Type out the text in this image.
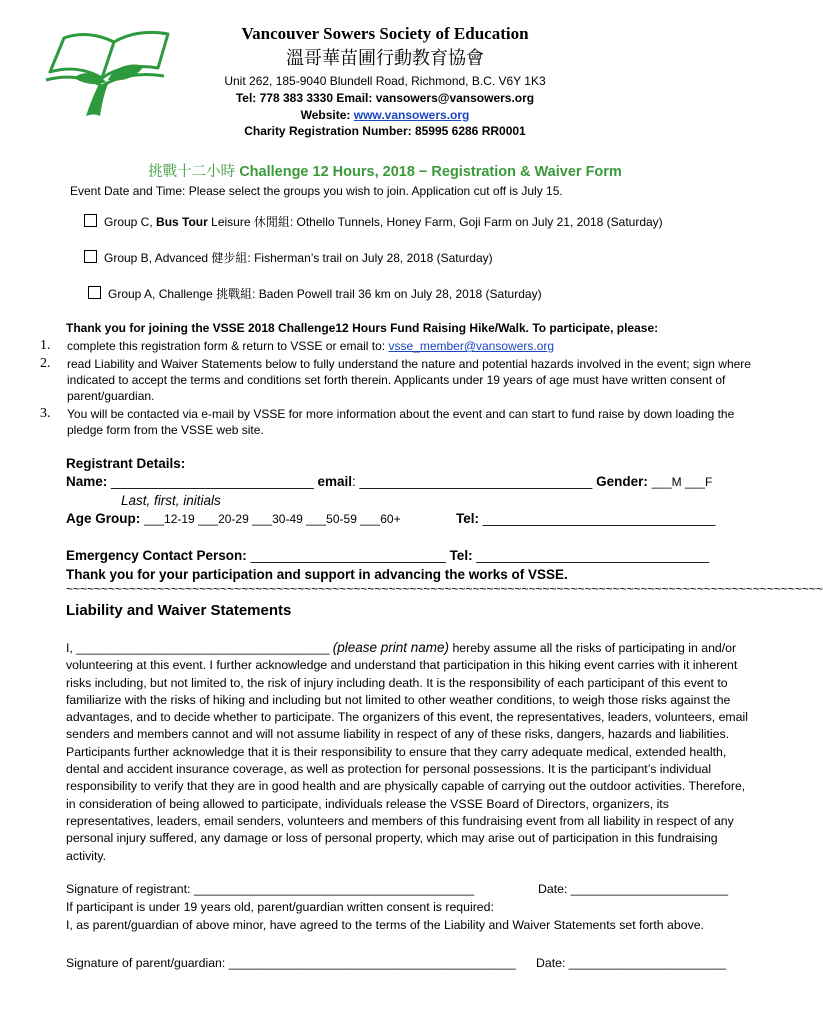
Vancouver Sowers Society of Education
溫哥華苗圃行動教育協會
Unit 262, 185-9040 Blundell Road, Richmond, B.C. V6Y 1K3
Tel: 778 383 3330 Email: vansowers@vansowers.org
Website: www.vansowers.org
Charity Registration Number: 85995 6286 RR0001
挑戰十二小時 Challenge 12 Hours, 2018 − Registration & Waiver Form
Event Date and Time: Please select the groups you wish to join. Application cut off is July 15.
Group C, Bus Tour Leisure 休閒組: Othello Tunnels, Honey Farm, Goji Farm on July 21, 2018 (Saturday)
Group B, Advanced 健步組: Fisherman’s trail on July 28, 2018 (Saturday)
Group A, Challenge 挑戰組: Baden Powell trail 36 km on July 28, 2018 (Saturday)
Thank you for joining the VSSE 2018 Challenge12 Hours Fund Raising Hike/Walk. To participate, please:
1.	complete this registration form & return to VSSE or email to: vsse_member@vansowers.org
2.	read Liability and Waiver Statements below to fully understand the nature and potential hazards involved in the event; sign where indicated to accept the terms and conditions set forth therein. Applicants under 19 years of age must have written consent of parent/guardian.
3.	You will be contacted via e-mail by VSSE for more information about the event and can start to fund raise by down loading the pledge form from the VSSE web site.
Registrant Details:
Name: ___________________________ email: _______________________________ Gender: ___M ___F
Last, first, initials
Age Group: ___12-19 ___20-29 ___30-49 ___50-59 ___60+	Tel: _______________________________
Emergency Contact Person: __________________________ Tel: _______________________________
Thank you for your participation and support in advancing the works of VSSE.
~~~~~~~~~~~~~~~~~~~~~~~~~~~~~~~~~~~~~~~~~~~~~~~~~~~~~~~~~~~~~~~~~~~~~~~~~~~~~~~~~~~~~~~~~~~~~~~~~~~~~~~~~~~~
Liability and Waiver Statements
I, _____________________________________ (please print name) hereby assume all the risks of participating in and/or volunteering at this event. I further acknowledge and understand that participation in this hiking event carries with it inherent risks including, but not limited to, the risk of injury including death. It is the responsibility of each participant of this event to familiarize with the risks of hiking and including but not limited to other weather conditions, to weigh those risks against the advantages, and to decide whether to participate. The organizers of this event, the representatives, leaders, volunteers, email senders and members cannot and will not assume liability in respect of any of these risks, dangers, hazards and liabilities. Participants further acknowledge that it is their responsibility to ensure that they carry adequate medical, extended health, dental and accident insurance coverage, as well as protection for personal possessions. It is the participant’s individual responsibility to verify that they are in good health and are physically capable of carrying out the outdoor activities. Therefore, in consideration of being allowed to participate, individuals release the VSSE Board of Directors, organizers, its representatives, leaders, email senders, volunteers and members of this fundraising event from all liability in respect of any personal injury suffered, any damage or loss of personal property, which may arise out of participation in this fundraising activity.
Signature of registrant: _________________________________________	Date: _______________________
If participant is under 19 years old, parent/guardian written consent is required:
I, as parent/guardian of above minor, have agreed to the terms of the Liability and Waiver Statements set forth above.
Signature of parent/guardian: __________________________________________ Date: _______________________
